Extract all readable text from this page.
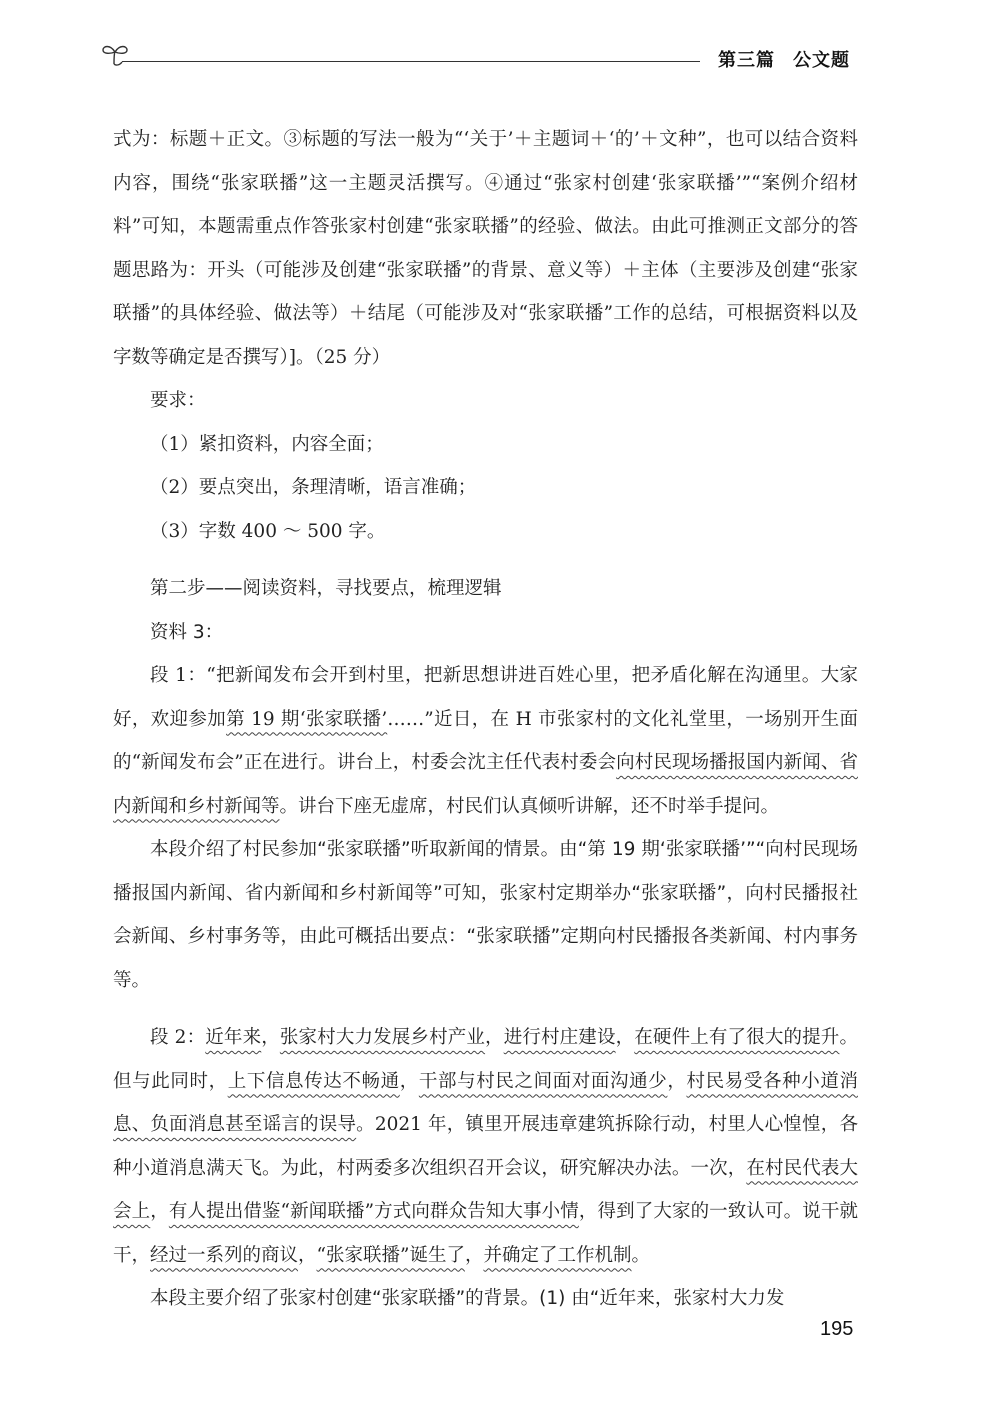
第三篇 公文题

式为：标题＋正文。③标题的写法一般为“‘关于’＋主题词＋‘的’＋文种”，也可以结合资料内容，围绕“张家联播”这一主题灵活撰写。④通过“张家村创建‘张家联播’”“案例介绍材料”可知，本题需重点作答张家村创建“张家联播”的经验、做法。由此可推测正文部分的答题思路为：开头（可能涉及创建“张家联播”的背景、意义等）＋主体（主要涉及创建“张家联播”的具体经验、做法等）＋结尾（可能涉及对“张家联播”工作的总结，可根据资料以及字数等确定是否撰写）]。（25 分）

要求：

（1）紧扣资料，内容全面；

（2）要点突出，条理清晰，语言准确；

（3）字数 400 ～ 500 字。

第二步——阅读资料，寻找要点，梳理逻辑

资料 3：

段 1：“把新闻发布会开到村里，把新思想讲进百姓心里，把矛盾化解在沟通里。大家好，欢迎参加第 19 期‘张家联播’……”近日，在 H 市张家村的文化礼堂里，一场别开生面的“新闻发布会”正在进行。讲台上，村委会沈主任代表村委会向村民现场播报国内新闻、省内新闻和乡村新闻等。讲台下座无虚席，村民们认真倾听讲解，还不时举手提问。

本段介绍了村民参加“张家联播”听取新闻的情景。由“第 19 期‘张家联播’”“向村民现场播报国内新闻、省内新闻和乡村新闻等”可知，张家村定期举办“张家联播”，向村民播报社会新闻、乡村事务等，由此可概括出要点：“张家联播”定期向村民播报各类新闻、村内事务等。

段 2：近年来，张家村大力发展乡村产业，进行村庄建设，在硬件上有了很大的提升。但与此同时，上下信息传达不畅通，干部与村民之间面对面沟通少，村民易受各种小道消息、负面消息甚至谣言的误导。2021 年，镇里开展违章建筑拆除行动，村里人心惶惶，各种小道消息满天飞。为此，村两委多次组织召开会议，研究解决办法。一次，在村民代表大会上，有人提出借鉴“新闻联播”方式向群众告知大事小情，得到了大家的一致认可。说干就干，经过一系列的商议，“张家联播”诞生了，并确定了工作机制。

本段主要介绍了张家村创建“张家联播”的背景。(1) 由“近年来，张家村大力发

195
